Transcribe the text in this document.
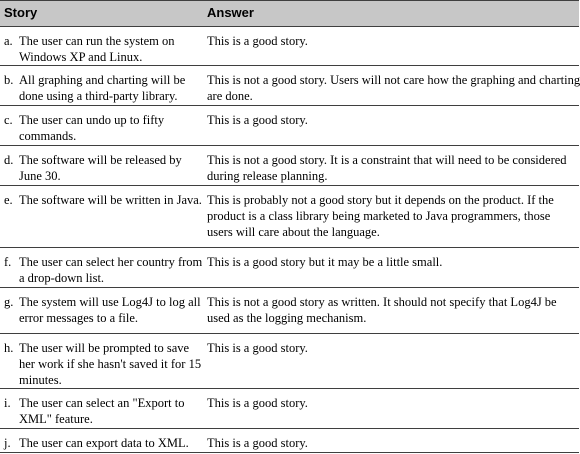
Story	Answer
a. The user can run the system on
Windows XP and Linux.
This is a good story.
b. All graphing and charting will be
done using a third-party library.
This is not a good story. Users will not care how the graphing and charting
are done.
c. The user can undo up to fifty
commands.
This is a good story.
d. The software will be released by
June 30.
This is not a good story. It is a constraint that will need to be considered
during release planning.
e. The software will be written in Java. This is probably not a good story but it depends on the product. If the
product is a class library being marketed to Java programmers, those
users will care about the language.
f. The user can select her country from
a drop-down list.
This is a good story but it may be a little small.
g. The system will use Log4J to log all
error messages to a file.
This is not a good story as written. It should not specify that Log4J be
used as the logging mechanism.
h. The user will be prompted to save
her work if she hasn't saved it for 15
minutes.
This is a good story.
i. The user can select an "Export to
XML" feature.
This is a good story.
j. The user can export data to XML. This is a good story.
